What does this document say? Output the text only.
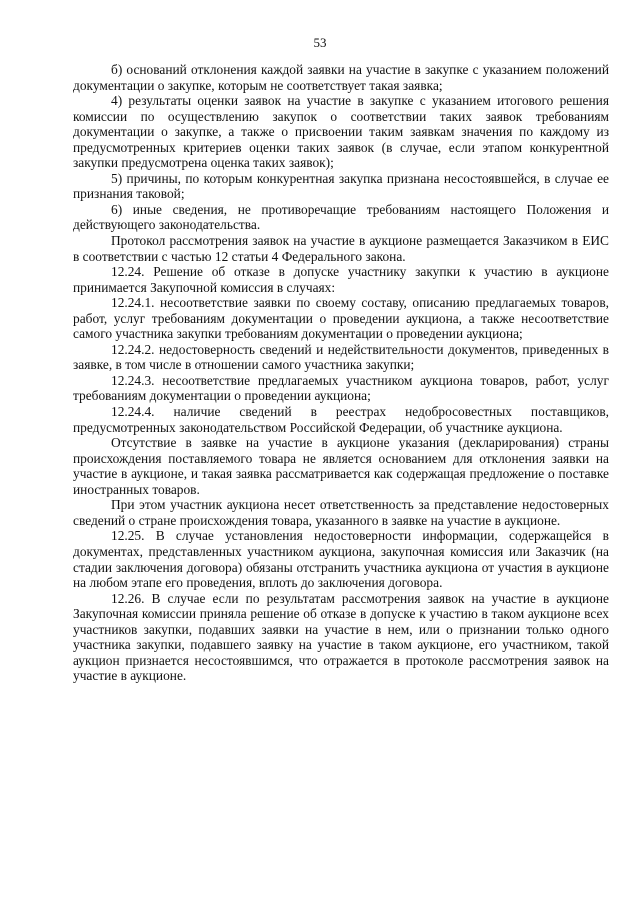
53

б) оснований отклонения каждой заявки на участие в закупке с указанием положений документации о закупке, которым не соответствует такая заявка;

4) результаты оценки заявок на участие в закупке с указанием итогового решения комиссии по осуществлению закупок о соответствии таких заявок требованиям документации о закупке, а также о присвоении таким заявкам значения по каждому из предусмотренных критериев оценки таких заявок (в случае, если этапом конкурентной закупки предусмотрена оценка таких заявок);

5) причины, по которым конкурентная закупка признана несостоявшейся, в случае ее признания таковой;

6) иные сведения, не противоречащие требованиям настоящего Положения и действующего законодательства.

Протокол рассмотрения заявок на участие в аукционе размещается Заказчиком в ЕИС в соответствии с частью 12 статьи 4 Федерального закона.

12.24. Решение об отказе в допуске участнику закупки к участию в аукционе принимается Закупочной комиссия в случаях:

12.24.1. несоответствие заявки по своему составу, описанию предлагаемых товаров, работ, услуг требованиям документации о проведении аукциона, а также несоответствие самого участника закупки требованиям документации о проведении аукциона;

12.24.2. недостоверность сведений и недействительности документов, приведенных в заявке, в том числе в отношении самого участника закупки;

12.24.3. несоответствие предлагаемых участником аукциона товаров, работ, услуг требованиям документации о проведении аукциона;

12.24.4. наличие сведений в реестрах недобросовестных поставщиков, предусмотренных законодательством Российской Федерации, об участнике аукциона.

Отсутствие в заявке на участие в аукционе указания (декларирования) страны происхождения поставляемого товара не является основанием для отклонения заявки на участие в аукционе, и такая заявка рассматривается как содержащая предложение о поставке иностранных товаров.

При этом участник аукциона несет ответственность за представление недостоверных сведений о стране происхождения товара, указанного в заявке на участие в аукционе.

12.25. В случае установления недостоверности информации, содержащейся в документах, представленных участником аукциона, закупочная комиссия или Заказчик (на стадии заключения договора) обязаны отстранить участника аукциона от участия в аукционе на любом этапе его проведения, вплоть до заключения договора.

12.26. В случае если по результатам рассмотрения заявок на участие в аукционе Закупочная комиссии приняла решение об отказе в допуске к участию в таком аукционе всех участников закупки, подавших заявки на участие в нем, или о признании только одного участника закупки, подавшего заявку на участие в таком аукционе, его участником, такой аукцион признается несостоявшимся, что отражается в протоколе рассмотрения заявок на участие в аукционе.
